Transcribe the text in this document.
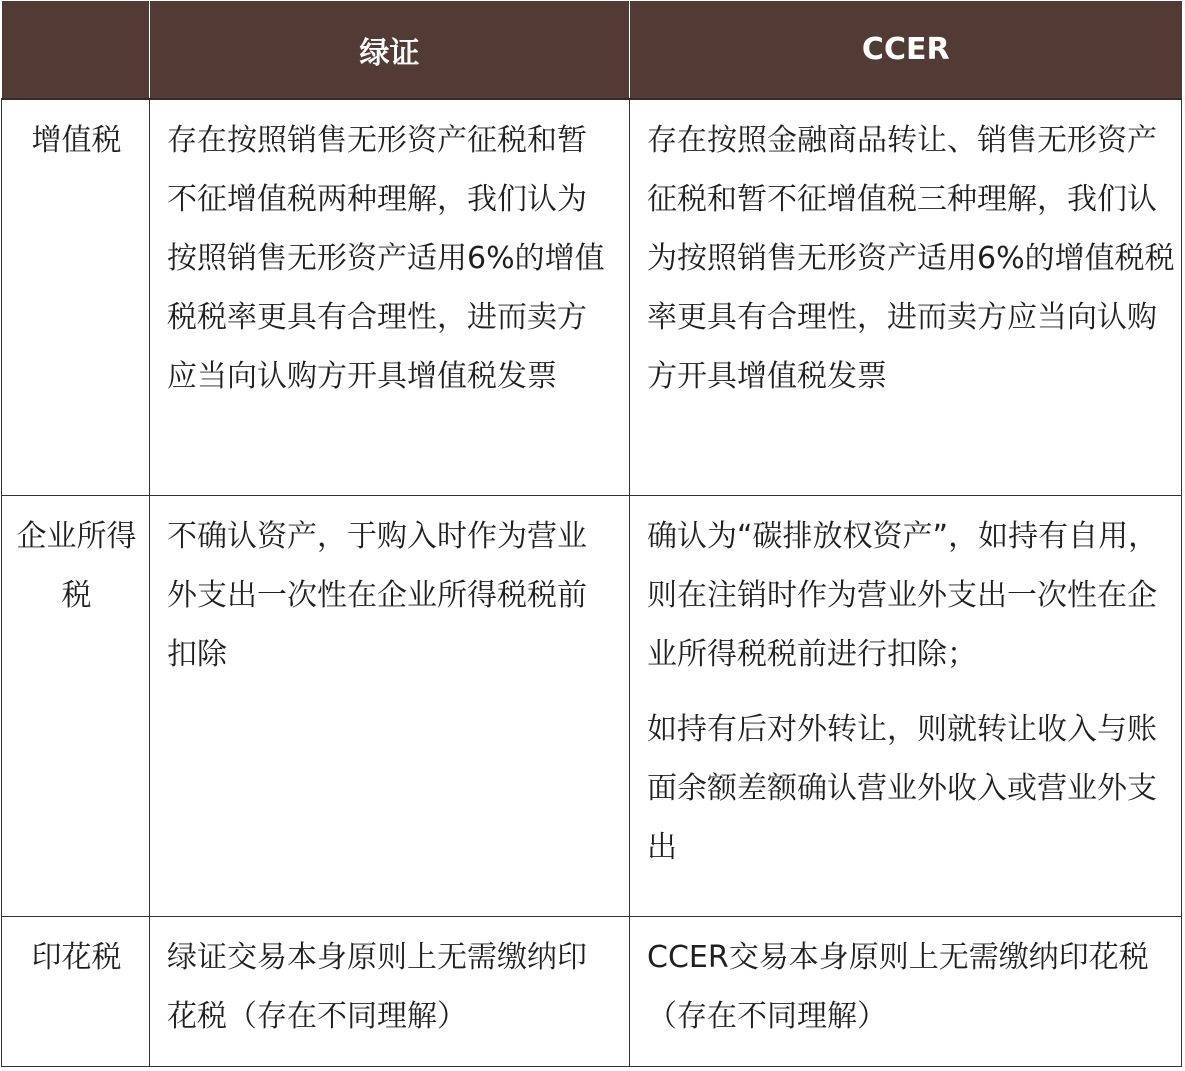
	绿证	CCER
增值税	存在按照销售无形资产征税和暂不征增值税两种理解，我们认为按照销售无形资产适用6%的增值税税率更具有合理性，进而卖方应当向认购方开具增值税发票	存在按照金融商品转让、销售无形资产征税和暂不征增值税三种理解，我们认为按照销售无形资产适用6%的增值税税率更具有合理性，进而卖方应当向认购方开具增值税发票
企业所得税	不确认资产，于购入时作为营业外支出一次性在企业所得税税前扣除	确认为“碳排放权资产”，如持有自用，则在注销时作为营业外支出一次性在企业所得税税前进行扣除；
如持有后对外转让，则就转让收入与账面余额差额确认营业外收入或营业外支出

印花税	绿证交易本身原则上无需缴纳印花税（存在不同理解）	CCER交易本身原则上无需缴纳印花税（存在不同理解）
